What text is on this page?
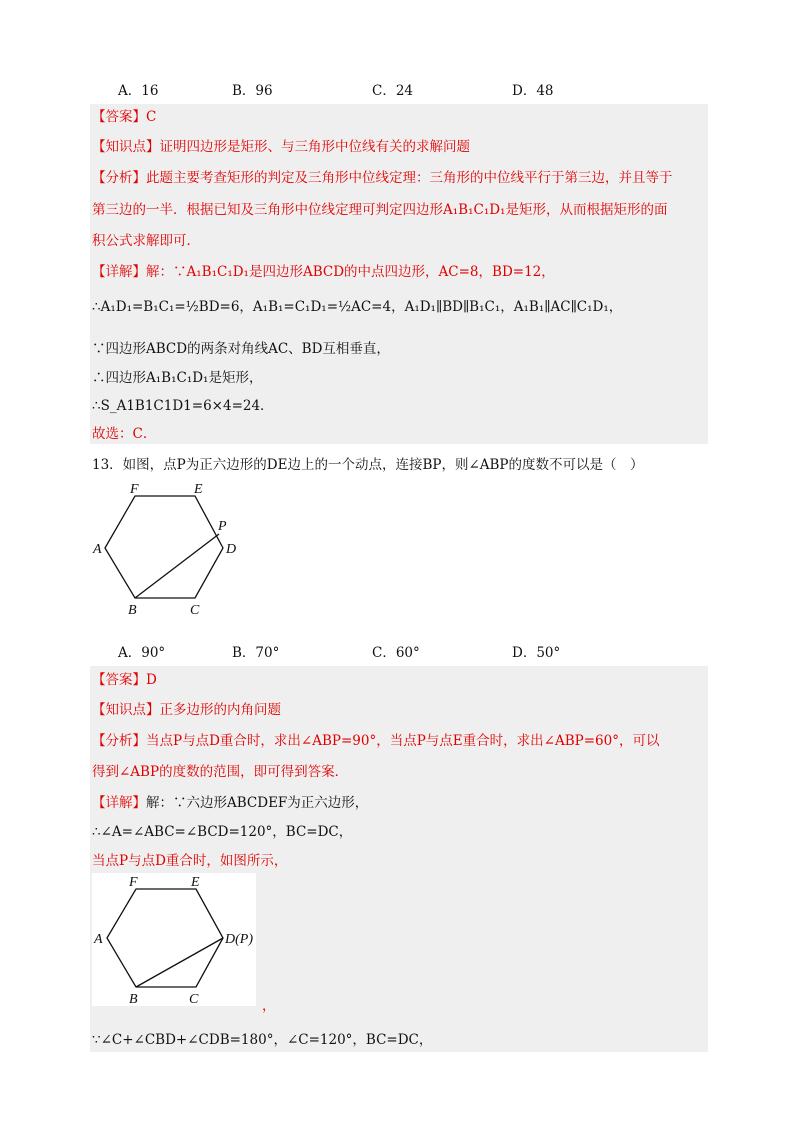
A．16	B．96	C．24	D．48
【答案】C
【知识点】证明四边形是矩形、与三角形中位线有关的求解问题
【分析】此题主要考查矩形的判定及三角形中位线定理：三角形的中位线平行于第三边，并且等于
第三边的一半．根据已知及三角形中位线定理可判定四边形A₁B₁C₁D₁是矩形，从而根据矩形的面
积公式求解即可．
【详解】解：∵A₁B₁C₁D₁是四边形ABCD的中点四边形，AC=8，BD=12，
∴A₁D₁=B₁C₁=½BD=6，A₁B₁=C₁D₁=½AC=4，A₁D₁∥BD∥B₁C₁，A₁B₁∥AC∥C₁D₁，
∵四边形ABCD的两条对角线AC、BD互相垂直，
∴四边形A₁B₁C₁D₁是矩形，
∴S_A1B1C1D1=6×4=24．
故选：C．
13．如图，点P为正六边形的DE边上的一个动点，连接BP，则∠ABP的度数不可以是（　）
F	E
P
A	D
B	C
A．90°	B．70°	C．60°	D．50°
【答案】D
【知识点】正多边形的内角问题
【分析】当点P与点D重合时，求出∠ABP=90°，当点P与点E重合时，求出∠ABP=60°，可以
得到∠ABP的度数的范围，即可得到答案．
【详解】解：∵六边形ABCDEF为正六边形，
∴∠A=∠ABC=∠BCD=120°，BC=DC，
当点P与点D重合时，如图所示，
F	E
A	D(P)
B	C	，
∵∠C+∠CBD+∠CDB=180°，∠C=120°，BC=DC，
